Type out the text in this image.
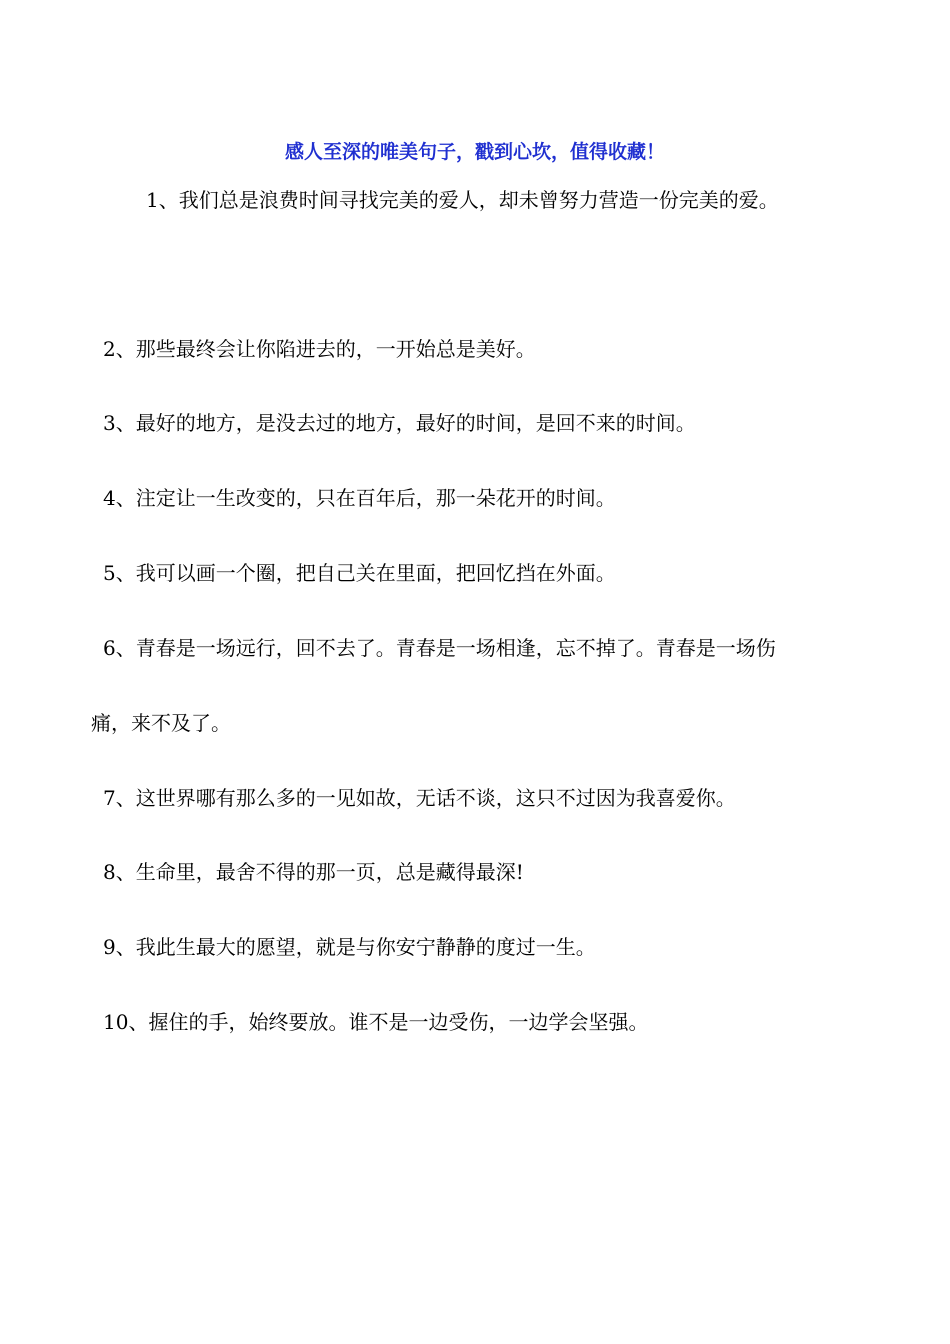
感人至深的唯美句子，戳到心坎，值得收藏！
1、我们总是浪费时间寻找完美的爱人，却未曾努力营造一份完美的爱。
2、那些最终会让你陷进去的，一开始总是美好。
3、最好的地方，是没去过的地方，最好的时间，是回不来的时间。
4、注定让一生改变的，只在百年后，那一朵花开的时间。
5、我可以画一个圈，把自己关在里面，把回忆挡在外面。
6、青春是一场远行，回不去了。青春是一场相逢，忘不掉了。青春是一场伤
痛，来不及了。
7、这世界哪有那么多的一见如故，无话不谈，这只不过因为我喜爱你。
8、生命里，最舍不得的那一页，总是藏得最深!
9、我此生最大的愿望，就是与你安宁静静的度过一生。
10、握住的手，始终要放。谁不是一边受伤，一边学会坚强。
